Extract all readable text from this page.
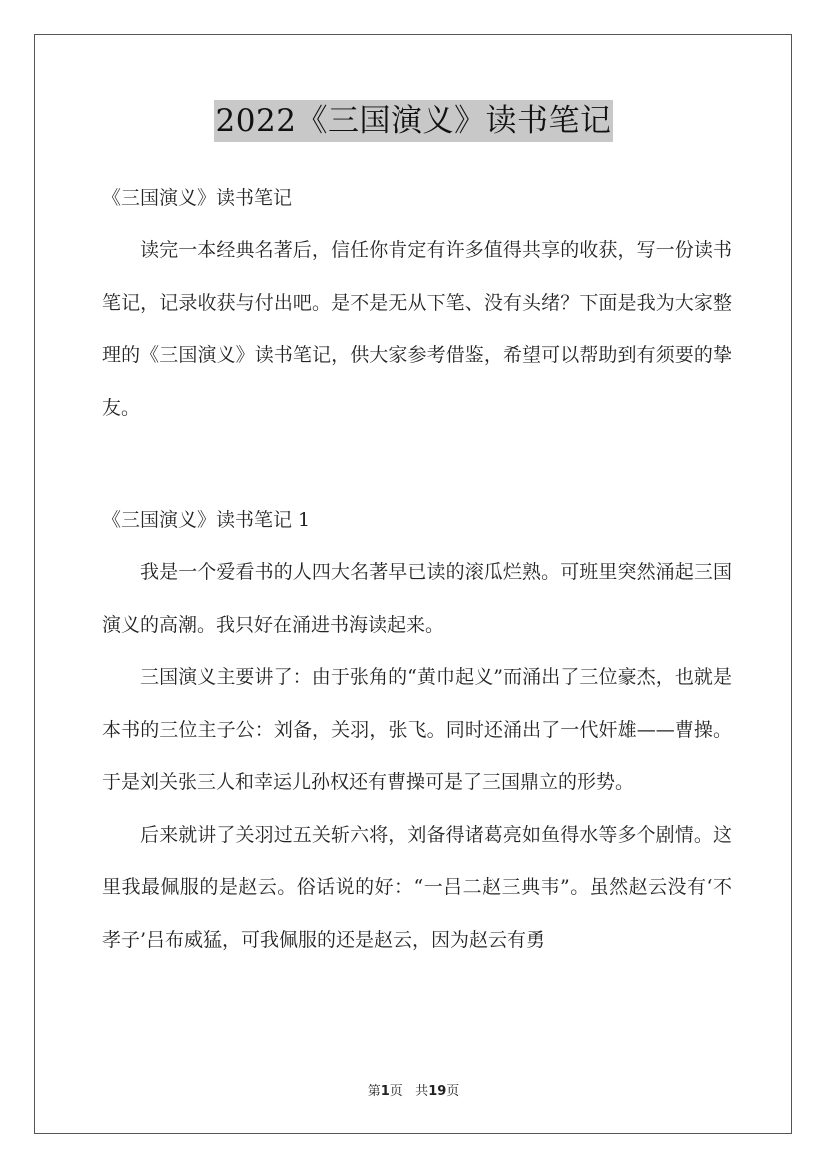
2022《三国演义》读书笔记
《三国演义》读书笔记

读完一本经典名著后，信任你肯定有许多值得共享的收获，写一份读书笔记，记录收获与付出吧。是不是无从下笔、没有头绪？下面是我为大家整理的《三国演义》读书笔记，供大家参考借鉴，希望可以帮助到有须要的挚友。

《三国演义》读书笔记 1

我是一个爱看书的人四大名著早已读的滚瓜烂熟。可班里突然涌起三国演义的高潮。我只好在涌进书海读起来。

三国演义主要讲了：由于张角的“黄巾起义”而涌出了三位豪杰，也就是本书的三位主子公：刘备，关羽，张飞。同时还涌出了一代奸雄——曹操。于是刘关张三人和幸运儿孙权还有曹操可是了三国鼎立的形势。

后来就讲了关羽过五关斩六将，刘备得诸葛亮如鱼得水等多个剧情。这里我最佩服的是赵云。俗话说的好：“一吕二赵三典韦”。虽然赵云没有‘不孝子’吕布威猛，可我佩服的还是赵云，因为赵云有勇

第1页 共19页
